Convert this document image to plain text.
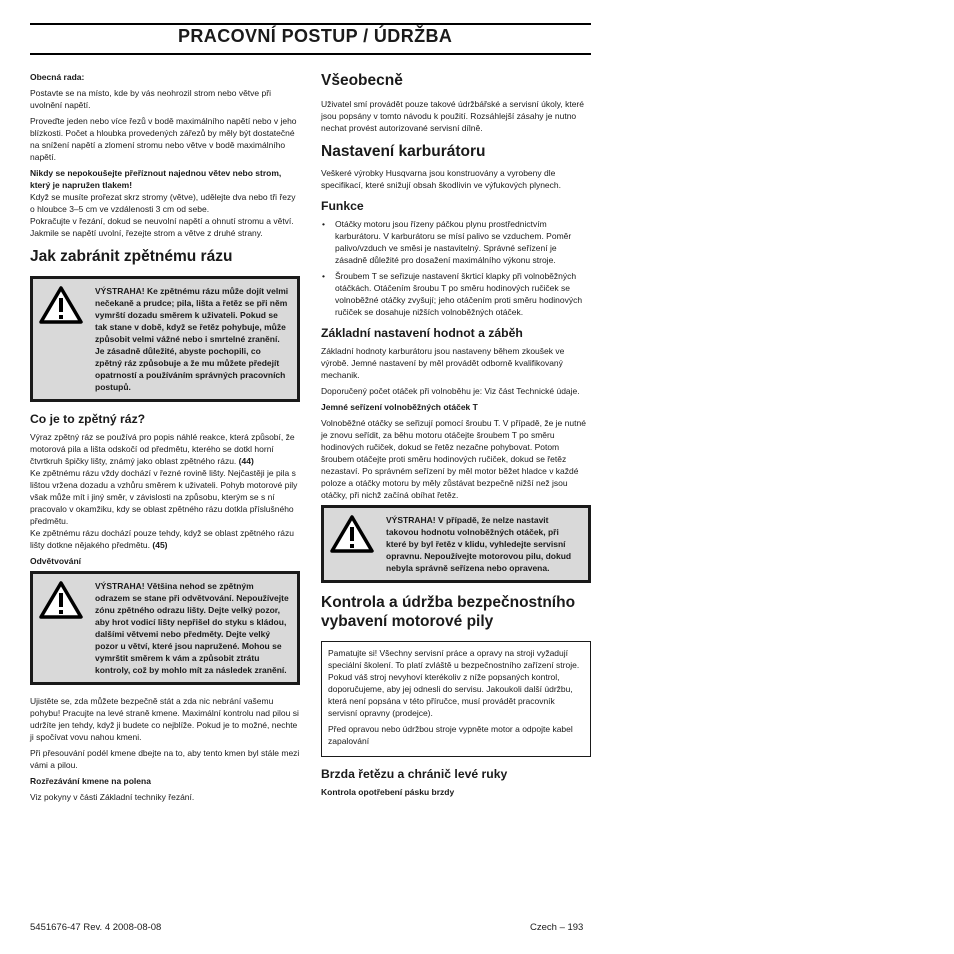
PRACOVNÍ POSTUP / ÚDRŽBA

Obecná rada:

Postavte se na místo, kde by vás neohrozil strom nebo větve při uvolnění napětí.

Proveďte jeden nebo více řezů v bodě maximálního napětí nebo v jeho blízkosti. Počet a hloubka provedených zářezů by měly být dostatečné na snížení napětí a zlomení stromu nebo větve v bodě maximálního napětí.

Nikdy se nepokoušejte přeříznout najednou větev nebo strom, který je napružen tlakem!

Když se musíte prořezat skrz stromy (větve), udělejte dva nebo tři řezy o hloubce 3–5 cm ve vzdálenosti 3 cm od sebe.

Pokračujte v řezání, dokud se neuvolní napětí a ohnutí stromu a větví.

Jakmile se napětí uvolní, řezejte strom a větve z druhé strany.

Jak zabránit zpětnému rázu
VÝSTRAHA! Ke zpětnému rázu může dojít velmi nečekaně a prudce; pila, lišta a řetěz se při něm vymrští dozadu směrem k uživateli. Pokud se tak stane v době, když se řetěz pohybuje, může způsobit velmi vážné nebo i smrtelné zranění. Je zásadně důležité, abyste pochopili, co zpětný ráz způsobuje a že mu můžete předejít opatrností a používáním správných pracovních postupů.
Co je to zpětný ráz?

Výraz zpětný ráz se používá pro popis náhlé reakce, která způsobí, že motorová pila a lišta odskočí od předmětu, kterého se dotkl horní čtvrtkruh špičky lišty, známý jako oblast zpětného rázu. (44)

Ke zpětnému rázu vždy dochází v řezné rovině lišty. Nejčastěji je pila s lištou vržena dozadu a vzhůru směrem k uživateli. Pohyb motorové pily však může mít i jiný směr, v závislosti na způsobu, kterým se s ní pracovalo v okamžiku, kdy se oblast zpětného rázu dotkla příslušného předmětu.

Ke zpětnému rázu dochází pouze tehdy, když se oblast zpětného rázu lišty dotkne nějakého předmětu. (45)

Odvětvování
VÝSTRAHA! Většina nehod se zpětným odrazem se stane při odvětvování. Nepoužívejte zónu zpětného odrazu lišty. Dejte velký pozor, aby hrot vodicí lišty nepřišel do styku s kládou, dalšími větvemi nebo předměty. Dejte velký pozor u větví, které jsou napružené. Mohou se vymrštit směrem k vám a způsobit ztrátu kontroly, což by mohlo mít za následek zranění.

Ujistěte se, zda můžete bezpečně stát a zda nic nebrání vašemu pohybu! Pracujte na levé straně kmene. Maximální kontrolu nad pilou si udržíte jen tehdy, když ji budete co nejblíže. Pokud je to možné, nechte ji spočívat vovu nahou kmeni.

Při přesouvání podél kmene dbejte na to, aby tento kmen byl stále mezi vámi a pilou.

Rozřezávání kmene na polena

Viz pokyny v části Základní techniky řezání.

Všeobecně

Uživatel smí provádět pouze takové údržbářské a servisní úkoly, které jsou popsány v tomto návodu k použití. Rozsáhlejší zásahy je nutno nechat provést autorizované servisní dílně.

Nastavení karburátoru

Veškeré výrobky Husqvarna jsou konstruovány a vyrobeny dle specifikací, které snižují obsah škodlivin ve výfukových plynech.

Funkce
• Otáčky motoru jsou řízeny páčkou plynu prostřednictvím karburátoru. V karburátoru se mísí palivo se vzduchem. Poměr palivo/vzduch ve směsi je nastavitelný. Správné seřízení je zásadně důležité pro dosažení maximálního výkonu stroje.
• Šroubem T se seřizuje nastavení škrticí klapky při volnoběžných otáčkách. Otáčením šroubu T po směru hodinových ručiček se volnoběžné otáčky zvyšují; jeho otáčením proti směru hodinových ručiček se dosahuje nižších volnoběžných otáček.
Základní nastavení hodnot a záběh

Základní hodnoty karburátoru jsou nastaveny během zkoušek ve výrobě. Jemné nastavení by měl provádět odborně kvalifikovaný mechanik.

Doporučený počet otáček při volnoběhu je: Viz část Technické údaje.

Jemné seřízení volnoběžných otáček T

Volnoběžné otáčky se seřizují pomocí šroubu T. V případě, že je nutné je znovu seřídit, za běhu motoru otáčejte šroubem T po směru hodinových ručiček, dokud se řetěz nezačne pohybovat. Potom šroubem otáčejte proti směru hodinových ručiček, dokud se řetěz nezastaví. Po správném seřízení by měl motor běžet hladce v každé poloze a otáčky motoru by měly zůstávat bezpečně nižší než jsou otáčky, při nichž začíná obíhat řetěz.

VÝSTRAHA! V případě, že nelze nastavit takovou hodnotu volnoběžných otáček, při které by byl řetěz v klidu, vyhledejte servisní opravnu. Nepoužívejte motorovou pilu, dokud nebyla správně seřízena nebo opravena.
Kontrola a údržba bezpečnostního vybavení motorové pily

Pamatujte si! Všechny servisní práce a opravy na stroji vyžadují speciální školení. To platí zvláště u bezpečnostního zařízení stroje. Pokud váš stroj nevyhoví kterékoliv z níže popsaných kontrol, doporučujeme, aby jej odnesli do servisu. Jakoukoli další údržbu, která není popsána v této příručce, musí provádět pracovník servisní opravny (prodejce).

Před opravou nebo údržbou stroje vypněte motor a odpojte kabel zapalování

Brzda řetězu a chránič levé ruky
Kontrola opotřebení pásku brzdy
5451676-47 Rev. 4 2008-08-08	Czech – 193
